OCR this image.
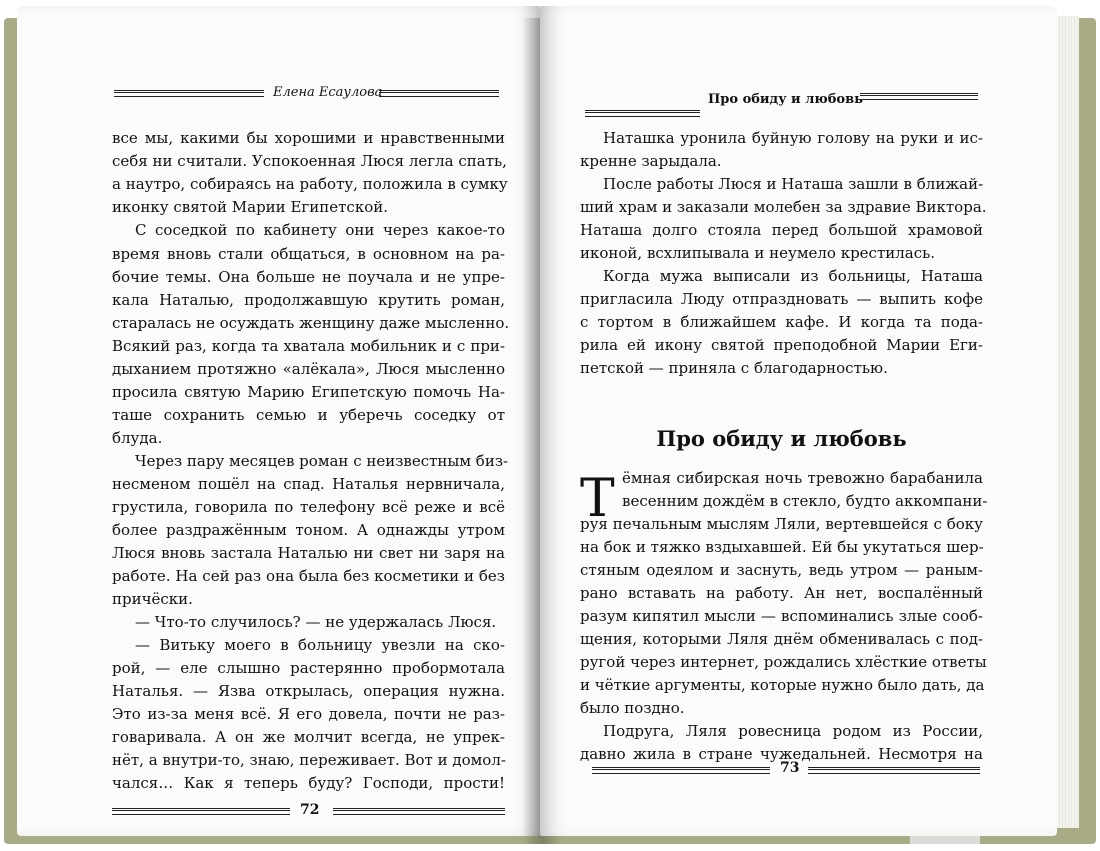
Елена Есаулова
все мы, какими бы хорошими и нравственными
себя ни считали. Успокоенная Люся легла спать,
а наутро, собираясь на работу, положила в сумку
иконку святой Марии Египетской.
С соседкой по кабинету они через какое-то
время вновь стали общаться, в основном на ра-
бочие темы. Она больше не поучала и не упре-
кала Наталью, продолжавшую крутить роман,
старалась не осуждать женщину даже мысленно.
Всякий раз, когда та хватала мобильник и с при-
дыханием протяжно «алёкала», Люся мысленно
просила святую Марию Египетскую помочь На-
таше сохранить семью и уберечь соседку от
блуда.
Через пару месяцев роман с неизвестным биз-
несменом пошёл на спад. Наталья нервничала,
грустила, говорила по телефону всё реже и всё
более раздражённым тоном. А однажды утром
Люся вновь застала Наталью ни свет ни заря на
работе. На сей раз она была без косметики и без
причёски.
— Что-то случилось? — не удержалась Люся.
— Витьку моего в больницу увезли на ско-
рой, — еле слышно растерянно пробормотала
Наталья. — Язва открылась, операция нужна.
Это из-за меня всё. Я его довела, почти не раз-
говаривала. А он же молчит всегда, не упрек-
нёт, а внутри-то, знаю, переживает. Вот и домол-
чался… Как я теперь буду? Господи, прости!
72
Про обиду и любовь
Наташка уронила буйную голову на руки и ис-
кренне зарыдала.
После работы Люся и Наташа зашли в ближай-
ший храм и заказали молебен за здравие Виктора.
Наташа долго стояла перед большой храмовой
иконой, всхлипывала и неумело крестилась.
Когда мужа выписали из больницы, Наташа
пригласила Люду отпраздновать — выпить кофе
с тортом в ближайшем кафе. И когда та пода-
рила ей икону святой преподобной Марии Еги-
петской — приняла с благодарностью.
Про обиду и любовь
Т ёмная сибирская ночь тревожно барабанила
весенним дождём в стекло, будто аккомпани-
руя печальным мыслям Ляли, вертевшейся с боку
на бок и тяжко вздыхавшей. Ей бы укутаться шер-
стяным одеялом и заснуть, ведь утром — раным-
рано вставать на работу. Ан нет, воспалённый
разум кипятил мысли — вспоминались злые сооб-
щения, которыми Ляля днём обменивалась с под-
ругой через интернет, рождались хлёсткие ответы
и чёткие аргументы, которые нужно было дать, да
было поздно.
Подруга, Ляля ровесница родом из России,
давно жила в стране чужедальней. Несмотря на
73
